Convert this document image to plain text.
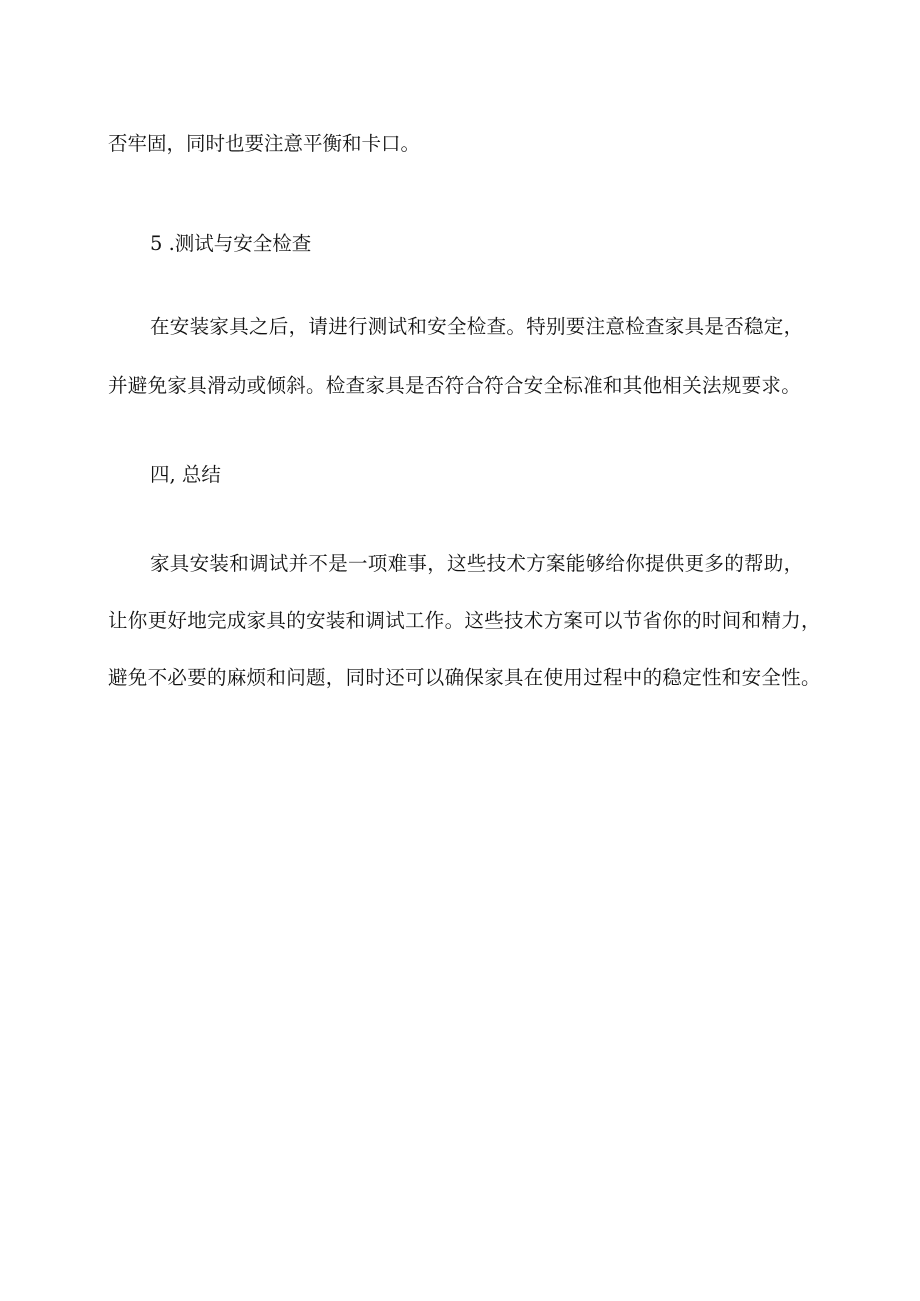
否牢固，同时也要注意平衡和卡口。
5 .测试与安全检查
在安装家具之后，请进行测试和安全检查。特别要注意检查家具是否稳定，
并避免家具滑动或倾斜。检查家具是否符合符合安全标准和其他相关法规要求。
四, 总结
家具安装和调试并不是一项难事，这些技术方案能够给你提供更多的帮助，
让你更好地完成家具的安装和调试工作。这些技术方案可以节省你的时间和精力，
避免不必要的麻烦和问题，同时还可以确保家具在使用过程中的稳定性和安全性。
